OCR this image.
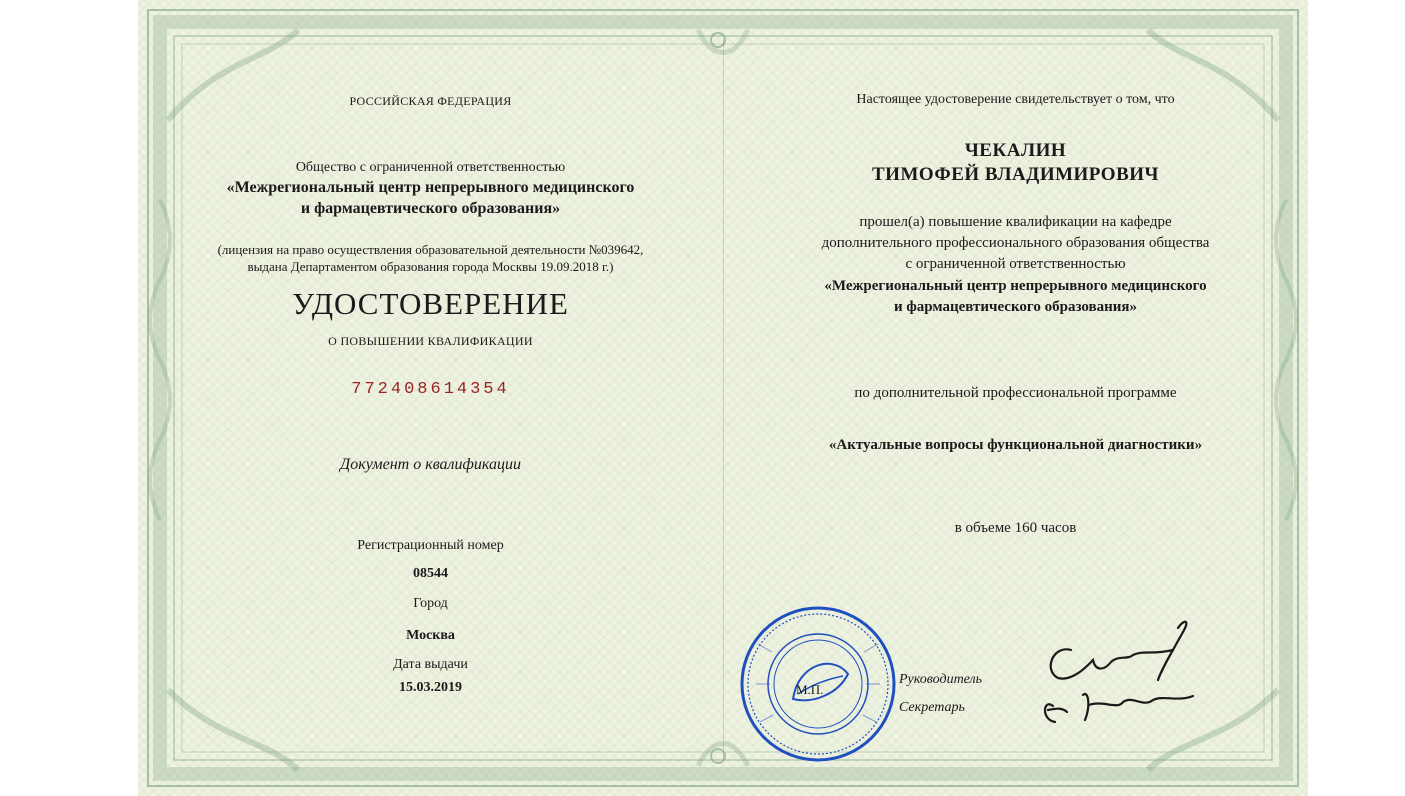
РОССИЙСКАЯ ФЕДЕРАЦИЯ
Общество с ограниченной ответственностью
«Межрегиональный центр непрерывного медицинского
и фармацевтического образования»
(лицензия на право осуществления образовательной деятельности №039642,
выдана Департаментом образования города Москвы 19.09.2018 г.)
УДОСТОВЕРЕНИЕ
О ПОВЫШЕНИИ КВАЛИФИКАЦИИ
772408614354
Документ о квалификации
Регистрационный номер
08544
Город
Москва
Дата выдачи
15.03.2019
Настоящее удостоверение свидетельствует о том, что
ЧЕКАЛИН
ТИМОФЕЙ ВЛАДИМИРОВИЧ
прошел(а) повышение квалификации на кафедре
дополнительного профессионального образования общества
с ограниченной ответственностью
«Межрегиональный центр непрерывного медицинского
и фармацевтического образования»
по дополнительной профессиональной программе
«Актуальные вопросы функциональной диагностики»
в объеме 160 часов
Руководитель
Секретарь
М.П.
